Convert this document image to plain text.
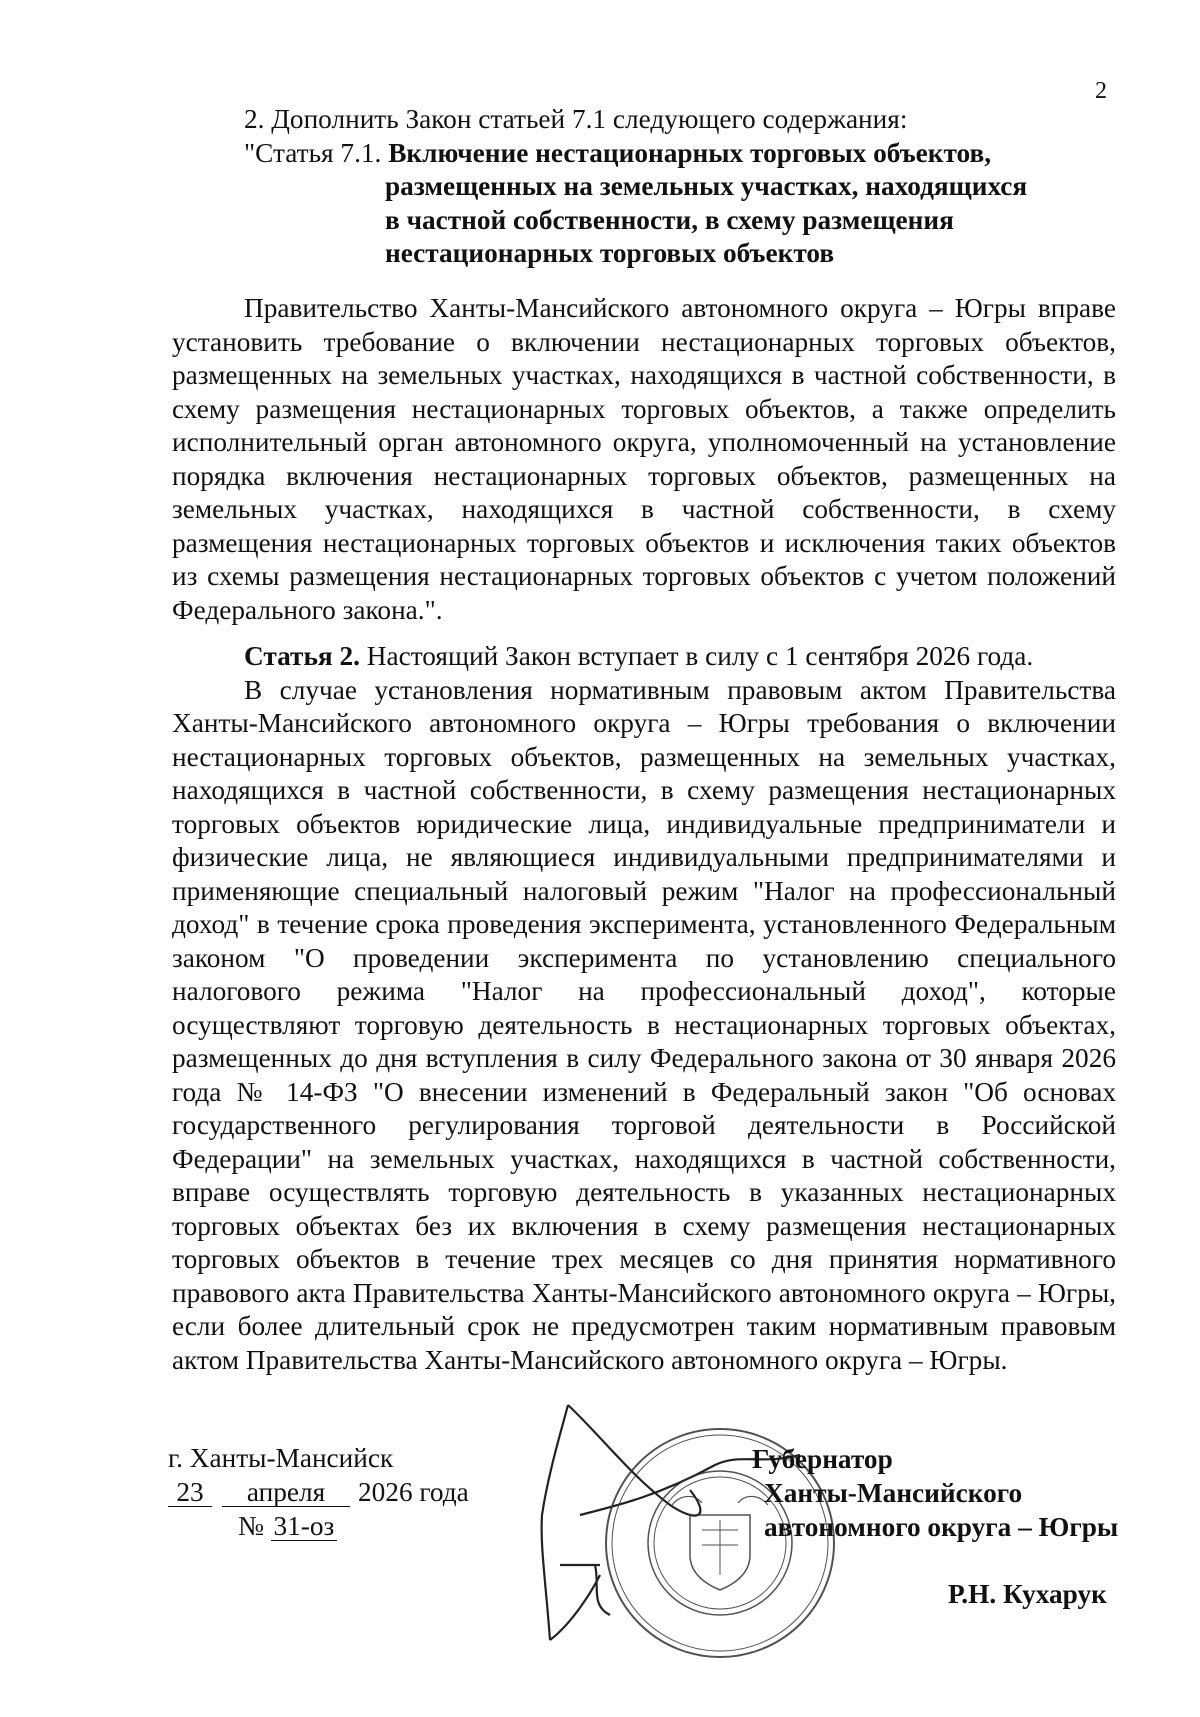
2
2. Дополнить Закон статьей 7.1 следующего содержания:
"Статья 7.1. Включение нестационарных торговых объектов,
размещенных на земельных участках, находящихся
в частной собственности, в схему размещения
нестационарных торговых объектов

Правительство Ханты-Мансийского автономного округа – Югры вправе установить требование о включении нестационарных торговых объектов, размещенных на земельных участках, находящихся в частной собственности, в схему размещения нестационарных торговых объектов, а также определить исполнительный орган автономного округа, уполномоченный на установление порядка включения нестационарных торговых объектов, размещенных на земельных участках, находящихся в частной собственности, в схему размещения нестационарных торговых объектов и исключения таких объектов из схемы размещения нестационарных торговых объектов с учетом положений Федерального закона.".

Статья 2. Настоящий Закон вступает в силу с 1 сентября 2026 года.

В случае установления нормативным правовым актом Правительства Ханты-Мансийского автономного округа – Югры требования о включении нестационарных торговых объектов, размещенных на земельных участках, находящихся в частной собственности, в схему размещения нестационарных торговых объектов юридические лица, индивидуальные предприниматели и физические лица, не являющиеся индивидуальными предпринимателями и применяющие специальный налоговый режим "Налог на профессиональный доход" в течение срока проведения эксперимента, установленного Федеральным законом "О проведении эксперимента по установлению специального налогового режима "Налог на профессиональный доход", которые осуществляют торговую деятельность в нестационарных торговых объектах, размещенных до дня вступления в силу Федерального закона от 30 января 2026 года № 14-ФЗ "О внесении изменений в Федеральный закон "Об основах государственного регулирования торговой деятельности в Российской Федерации" на земельных участках, находящихся в частной собственности, вправе осуществлять торговую деятельность в указанных нестационарных торговых объектах без их включения в схему размещения нестационарных торговых объектов в течение трех месяцев со дня принятия нормативного правового акта Правительства Ханты-Мансийского автономного округа – Югры, если более длительный срок не предусмотрен таким нормативным правовым актом Правительства Ханты-Мансийского автономного округа – Югры.

г. Ханты-Мансийск
23 апреля 2026 года
№ 31-оз
Губернатор
Ханты-Мансийского
автономного округа – Югры
Р.Н. Кухарук
